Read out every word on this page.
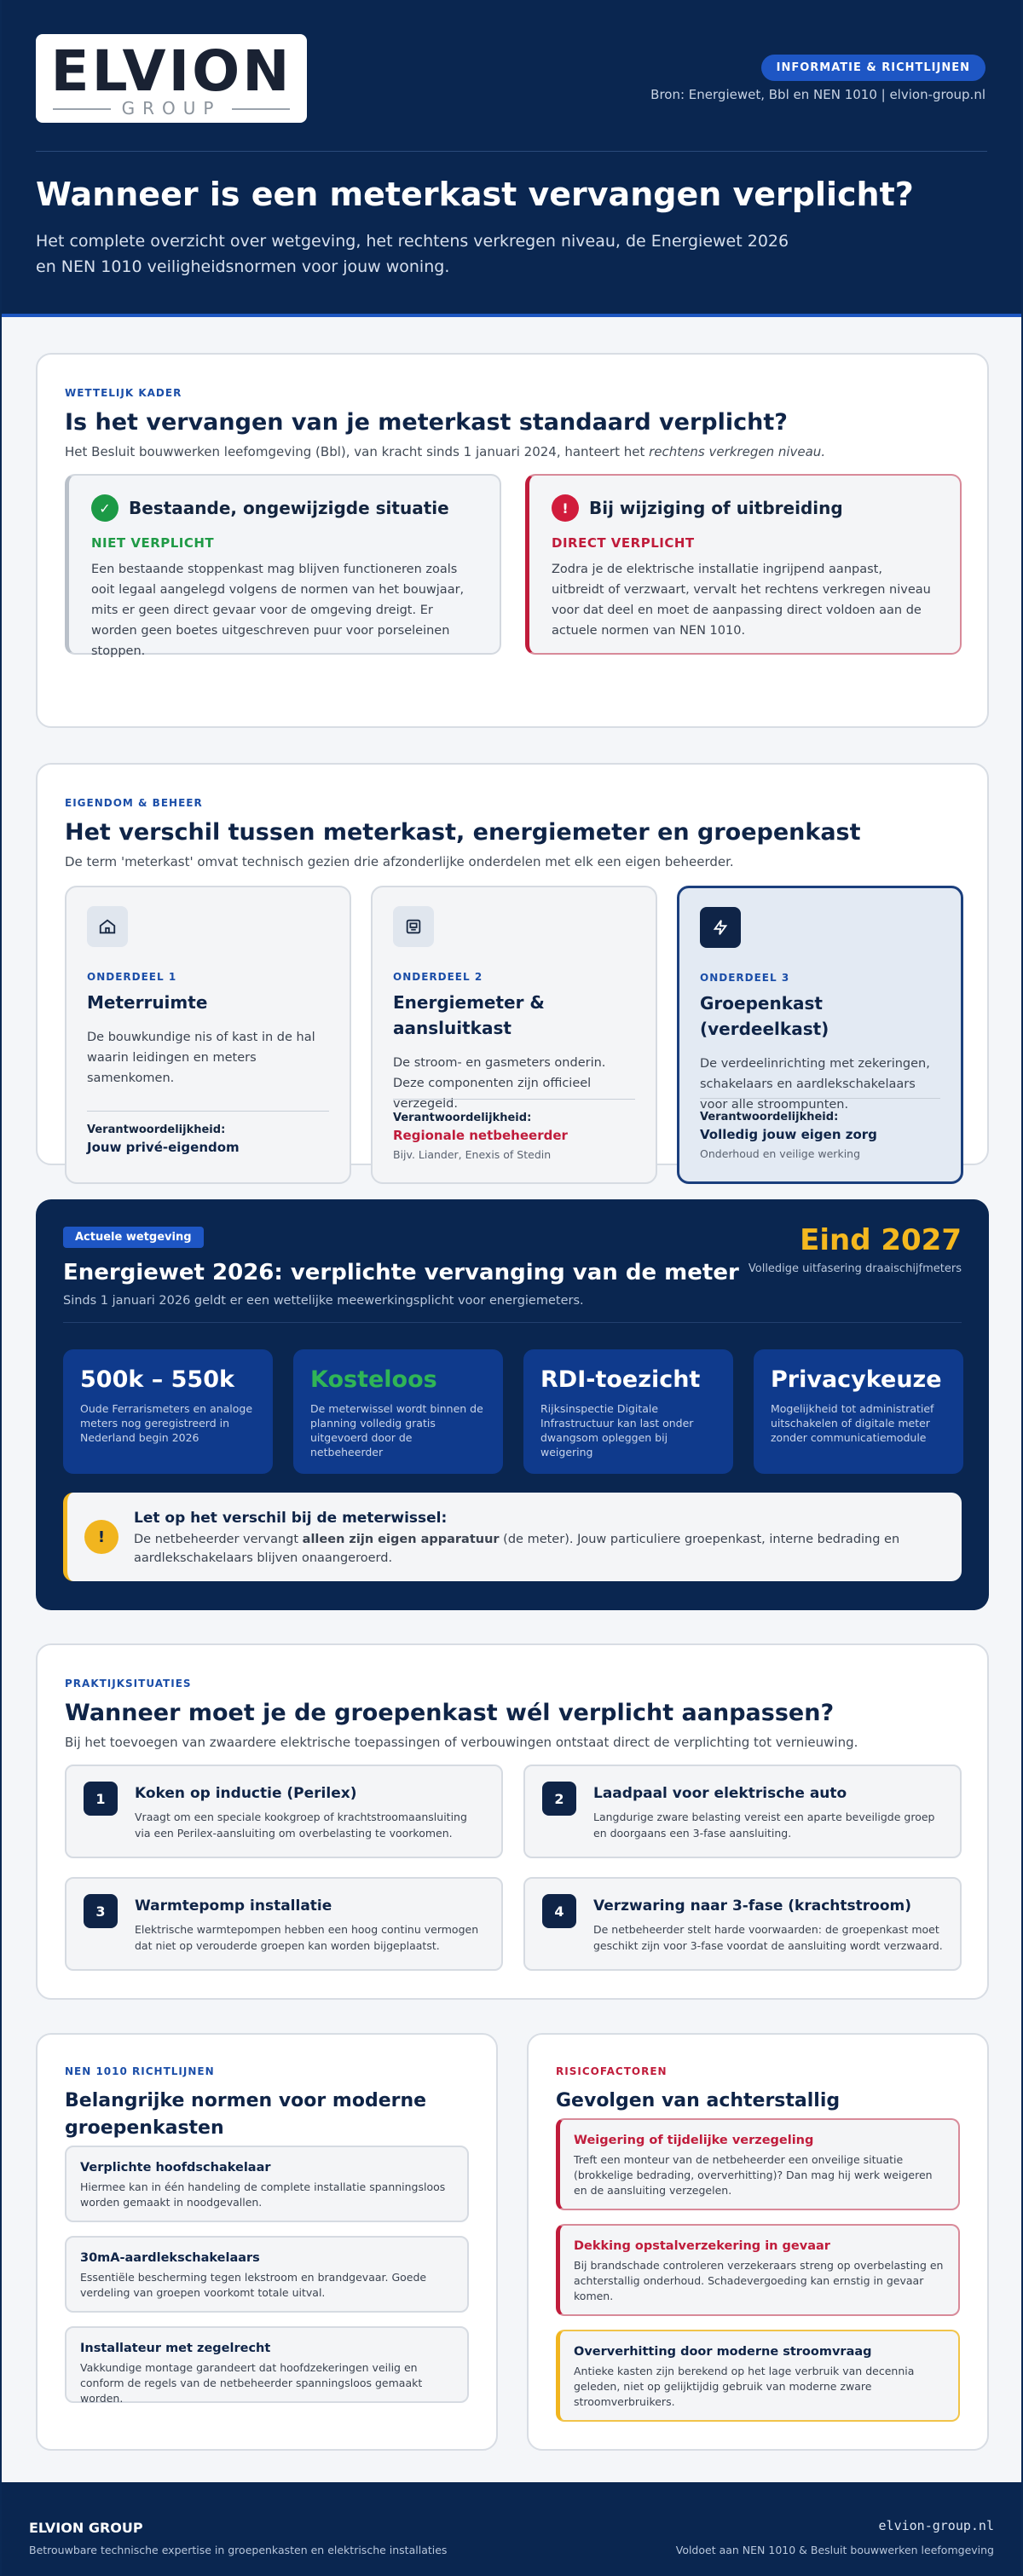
ELVION
GROUP
INFORMATIE & RICHTLIJNEN
Bron: Energiewet, Bbl en NEN 1010 | elvion-group.nl
Wanneer is een meterkast vervangen verplicht?

Het complete overzicht over wetgeving, het rechtens verkregen niveau, de Energiewet 2026 en NEN 1010 veiligheidsnormen voor jouw woning.

WETTELIJK KADER
Is het vervangen van je meterkast standaard verplicht?
Het Besluit bouwwerken leefomgeving (Bbl), van kracht sinds 1 januari 2024, hanteert het rechtens verkregen niveau.
✓	Bestaande, ongewijzigde situatie
NIET VERPLICHT
Een bestaande stoppenkast mag blijven functioneren zoals ooit legaal aangelegd volgens de normen van het bouwjaar, mits er geen direct gevaar voor de omgeving dreigt. Er worden geen boetes uitgeschreven puur voor porseleinen stoppen.
!	Bij wijziging of uitbreiding
DIRECT VERPLICHT
Zodra je de elektrische installatie ingrijpend aanpast, uitbreidt of verzwaart, vervalt het rechtens verkregen niveau voor dat deel en moet de aanpassing direct voldoen aan de actuele normen van NEN 1010.
EIGENDOM & BEHEER
Het verschil tussen meterkast, energiemeter en groepenkast
De term 'meterkast' omvat technisch gezien drie afzonderlijke onderdelen met elk een eigen beheerder.
ONDERDEEL 1
Meterruimte
De bouwkundige nis of kast in de hal waarin leidingen en meters samenkomen.
Verantwoordelijkheid:
Jouw privé-eigendom
ONDERDEEL 2
Energiemeter & aansluitkast
De stroom- en gasmeters onderin. Deze componenten zijn officieel verzegeld.
Verantwoordelijkheid:
Regionale netbeheerder
Bijv. Liander, Enexis of Stedin
ONDERDEEL 3
Groepenkast (verdeelkast)
De verdeelinrichting met zekeringen, schakelaars en aardlekschakelaars voor alle stroompunten.
Verantwoordelijkheid:
Volledig jouw eigen zorg
Onderhoud en veilige werking
Actuele wetgeving
Energiewet 2026: verplichte vervanging van de meter
Sinds 1 januari 2026 geldt er een wettelijke meewerkingsplicht voor energiemeters.
Eind 2027
Volledige uitfasering draaischijfmeters
500k – 550k
Oude Ferrarismeters en analoge meters nog geregistreerd in Nederland begin 2026
Kosteloos
De meterwissel wordt binnen de planning volledig gratis uitgevoerd door de netbeheerder
RDI-toezicht
Rijksinspectie Digitale Infrastructuur kan last onder dwangsom opleggen bij weigering
Privacykeuze
Mogelijkheid tot administratief uitschakelen of digitale meter zonder communicatiemodule
!
Let op het verschil bij de meterwissel:
De netbeheerder vervangt alleen zijn eigen apparatuur (de meter). Jouw particuliere groepenkast, interne bedrading en aardlekschakelaars blijven onaangeroerd.
PRAKTIJKSITUATIES
Wanneer moet je de groepenkast wél verplicht aanpassen?
Bij het toevoegen van zwaardere elektrische toepassingen of verbouwingen ontstaat direct de verplichting tot vernieuwing.
1	Koken op inductie (Perilex)
Vraagt om een speciale kookgroep of krachtstroomaansluiting via een Perilex-aansluiting om overbelasting te voorkomen.
2	Laadpaal voor elektrische auto
Langdurige zware belasting vereist een aparte beveiligde groep en doorgaans een 3-fase aansluiting.
3	Warmtepomp installatie
Elektrische warmtepompen hebben een hoog continu vermogen dat niet op verouderde groepen kan worden bijgeplaatst.
4	Verzwaring naar 3-fase (krachtstroom)
De netbeheerder stelt harde voorwaarden: de groepenkast moet geschikt zijn voor 3-fase voordat de aansluiting wordt verzwaard.
NEN 1010 RICHTLIJNEN
Belangrijke normen voor moderne groepenkasten
Verplichte hoofdschakelaar
Hiermee kan in één handeling de complete installatie spanningsloos worden gemaakt in noodgevallen.
30mA-aardlekschakelaars
Essentiële bescherming tegen lekstroom en brandgevaar. Goede verdeling van groepen voorkomt totale uitval.
Installateur met zegelrecht
Vakkundige montage garandeert dat hoofdzekeringen veilig en conform de regels van de netbeheerder spanningsloos gemaakt worden.
RISICOFACTOREN
Gevolgen van achterstallig
Weigering of tijdelijke verzegeling
Treft een monteur van de netbeheerder een onveilige situatie (brokkelige bedrading, oververhitting)? Dan mag hij werk weigeren en de aansluiting verzegelen.
Dekking opstalverzekering in gevaar
Bij brandschade controleren verzekeraars streng op overbelasting en achterstallig onderhoud. Schadevergoeding kan ernstig in gevaar komen.
Oververhitting door moderne stroomvraag
Antieke kasten zijn berekend op het lage verbruik van decennia geleden, niet op gelijktijdig gebruik van moderne zware stroomverbruikers.
ELVION GROUP
Betrouwbare technische expertise in groepenkasten en elektrische installaties
elvion-group.nl
Voldoet aan NEN 1010 & Besluit bouwwerken leefomgeving
